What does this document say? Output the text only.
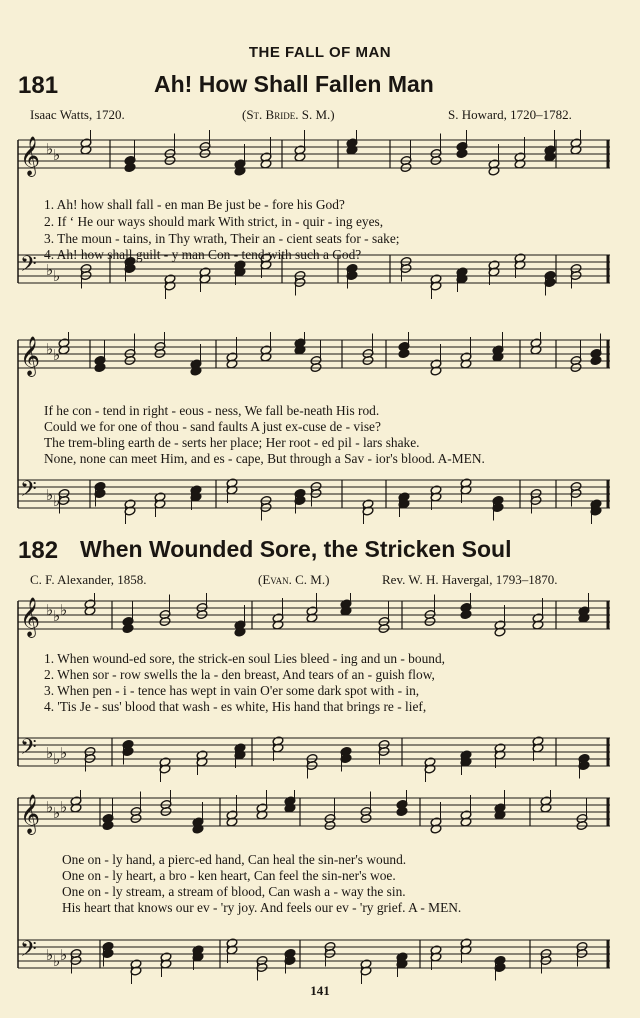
THE FALL OF MAN
181	Ah! How Shall Fallen Man
Isaac Watts, 1720.	(St. Bride. S. M.)	S. Howard, 1720–1782.
𝄞 ♭ ♭
𝄢 ♭ ♭
1. Ah! how shall fall - en man Be just be - fore his God?
2. If ‘ He our ways should mark With strict, in - quir - ing eyes,
3. The moun - tains, in Thy wrath, Their an - cient seats for - sake;
4. Ah! how shall guilt - y man Con - tend with such a God?
𝄞 ♭ ♭
𝄢 ♭ ♭
If he con - tend in right - eous - ness, We fall be-neath His rod.
Could we for one of thou - sand faults A just ex-cuse de - vise?
The trem-bling earth de - serts her place; Her root - ed pil - lars shake.
None, none can meet Him, and es - cape, But through a Sav - ior's blood. A-MEN.
182 When Wounded Sore, the Stricken Soul
C. F. Alexander, 1858.	(Evan. C. M.)	Rev. W. H. Havergal, 1793–1870.
𝄞 ♭ ♭ ♭
𝄢 ♭ ♭ ♭
1. When wound-ed sore, the strick-en soul Lies bleed - ing and un - bound,
2. When sor - row swells the la - den breast, And tears of an - guish flow,
3. When pen - i - tence has wept in vain O'er some dark spot with - in,
4. 'Tis Je - sus' blood that wash - es white, His hand that brings re - lief,
𝄞 ♭ ♭ ♭
𝄢 ♭ ♭ ♭
One on - ly hand, a pierc-ed hand, Can heal the sin-ner's wound.
One on - ly heart, a bro - ken heart, Can feel the sin-ner's woe.
One on - ly stream, a stream of blood, Can wash a - way the sin.
His heart that knows our ev - 'ry joy. And feels our ev - 'ry grief. A - MEN.
141
